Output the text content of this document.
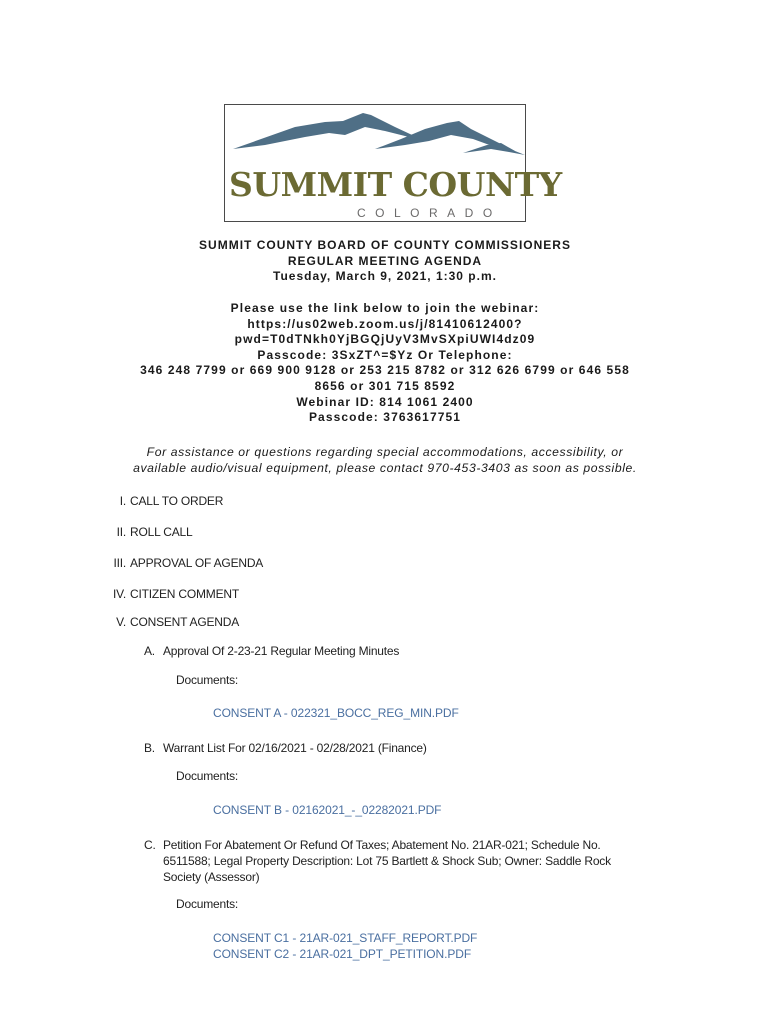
SUMMIT COUNTY
COLORADO
SUMMIT COUNTY BOARD OF COUNTY COMMISSIONERS
REGULAR MEETING AGENDA
Tuesday, March 9, 2021, 1:30 p.m.
Please use the link below to join the webinar:
https://us02web.zoom.us/j/81410612400?
pwd=T0dTNkh0YjBGQjUyV3MvSXpiUWI4dz09
Passcode: 3SxZT^=$Yz Or Telephone:
346 248 7799 or 669 900 9128 or 253 215 8782 or 312 626 6799 or 646 558
8656 or 301 715 8592
Webinar ID: 814 1061 2400
Passcode: 3763617751
For assistance or questions regarding special accommodations, accessibility, or
available audio/visual equipment, please contact 970-453-3403 as soon as possible.
I. CALL TO ORDER
II. ROLL CALL
III. APPROVAL OF AGENDA
IV. CITIZEN COMMENT
V. CONSENT AGENDA
A. Approval Of 2-23-21 Regular Meeting Minutes
Documents:
CONSENT A - 022321_BOCC_REG_MIN.PDF
B. Warrant List For 02/16/2021 - 02/28/2021 (Finance)
Documents:
CONSENT B - 02162021_-_02282021.PDF
C. Petition For Abatement Or Refund Of Taxes; Abatement No. 21AR-021; Schedule No.
6511588; Legal Property Description: Lot 75 Bartlett & Shock Sub; Owner: Saddle Rock
Society (Assessor)
Documents:
CONSENT C1 - 21AR-021_STAFF_REPORT.PDF
CONSENT C2 - 21AR-021_DPT_PETITION.PDF
